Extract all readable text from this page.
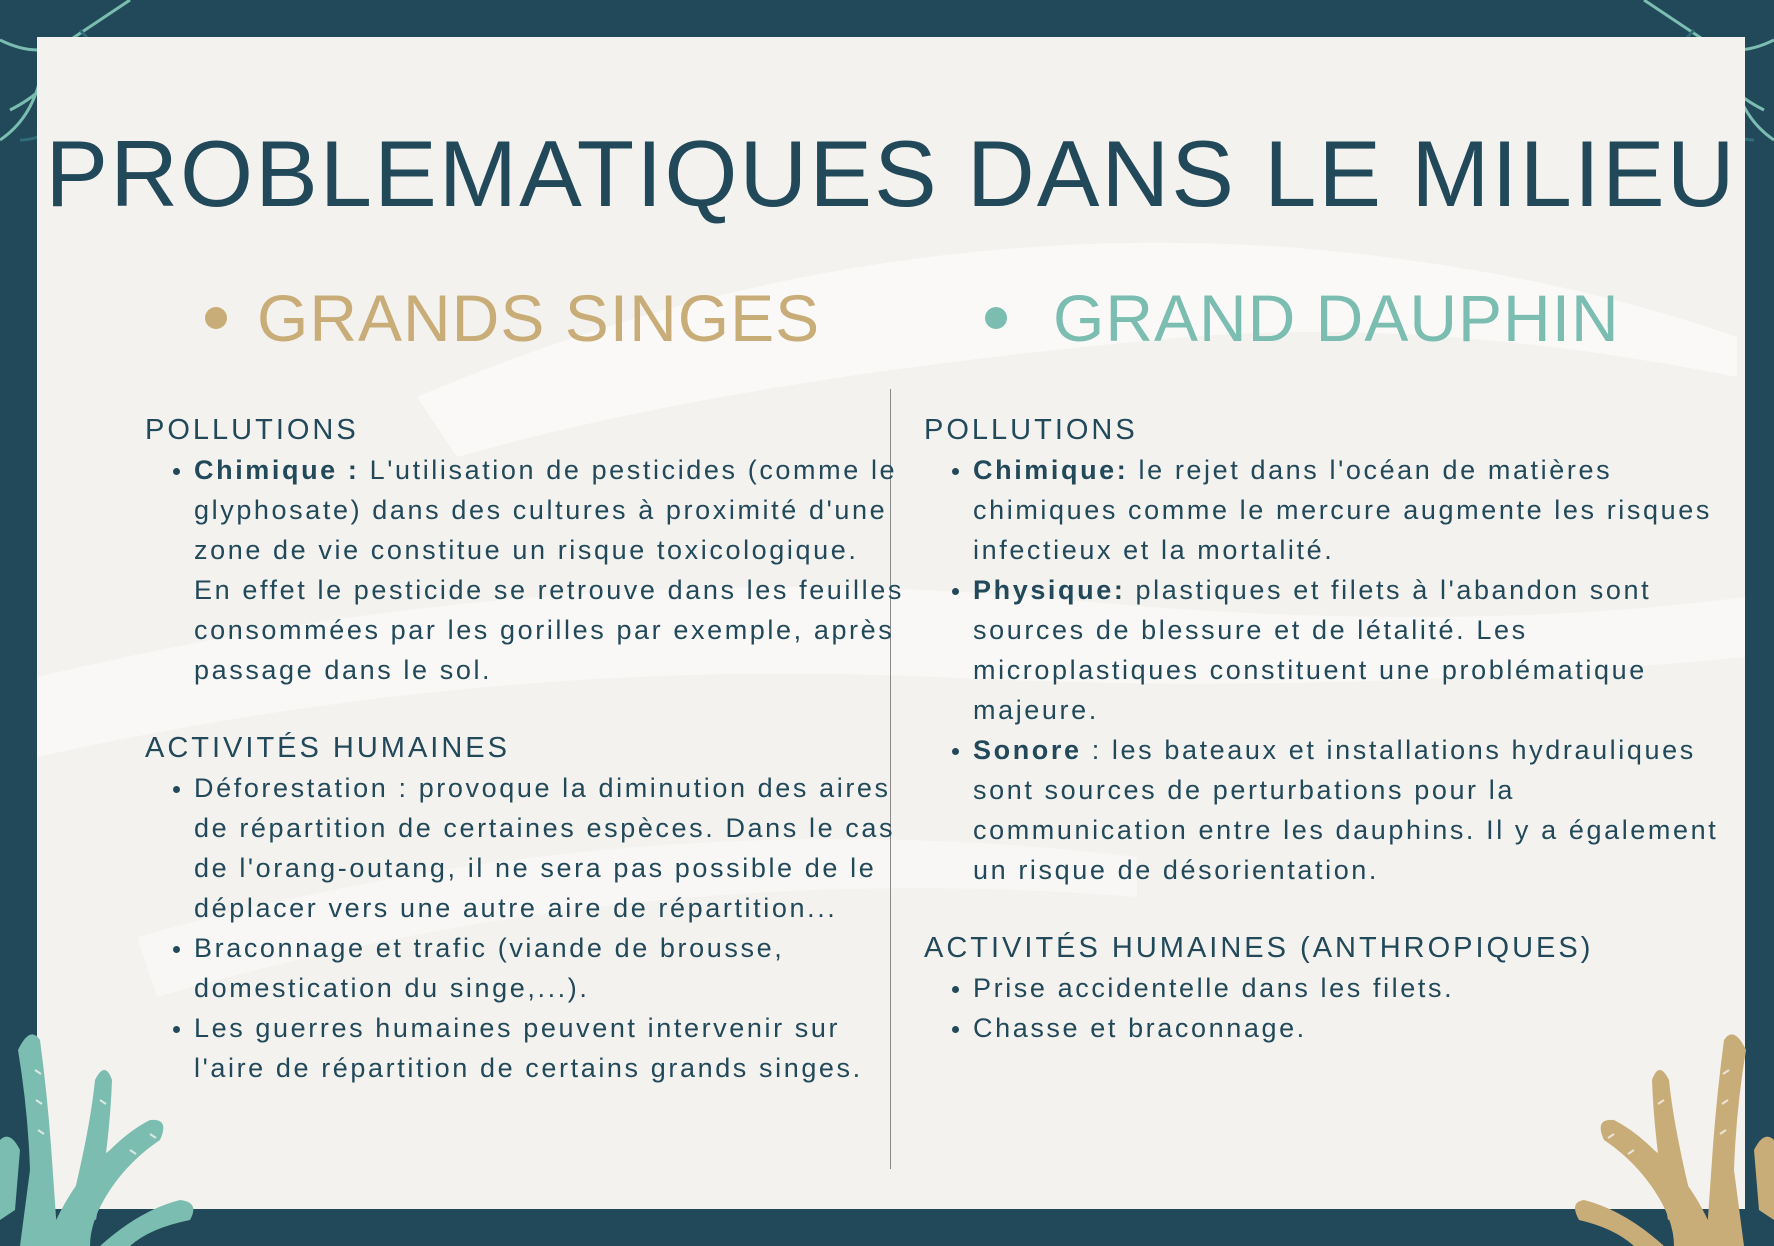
PROBLEMATIQUES DANS LE MILIEU
GRANDS SINGES	GRAND DAUPHIN
POLLUTIONS
• Chimique : L'utilisation de pesticides (comme le glyphosate) dans des cultures à proximité d'une zone de vie constitue un risque toxicologique. En effet le pesticide se retrouve dans les feuilles consommées par les gorilles par exemple, après passage dans le sol.
ACTIVITÉS HUMAINES
• Déforestation : provoque la diminution des aires de répartition de certaines espèces. Dans le cas de l'orang-outang, il ne sera pas possible de le déplacer vers une autre aire de répartition...
• Braconnage et trafic (viande de brousse, domestication du singe,...).
• Les guerres humaines peuvent intervenir sur l'aire de répartition de certains grands singes.
POLLUTIONS
• Chimique: le rejet dans l'océan de matières chimiques comme le mercure augmente les risques infectieux et la mortalité.
• Physique: plastiques et filets à l'abandon sont sources de blessure et de létalité. Les microplastiques constituent une problématique majeure.
• Sonore : les bateaux et installations hydrauliques sont sources de perturbations pour la communication entre les dauphins. Il y a également un risque de désorientation.
ACTIVITÉS HUMAINES (ANTHROPIQUES)
• Prise accidentelle dans les filets.
• Chasse et braconnage.
